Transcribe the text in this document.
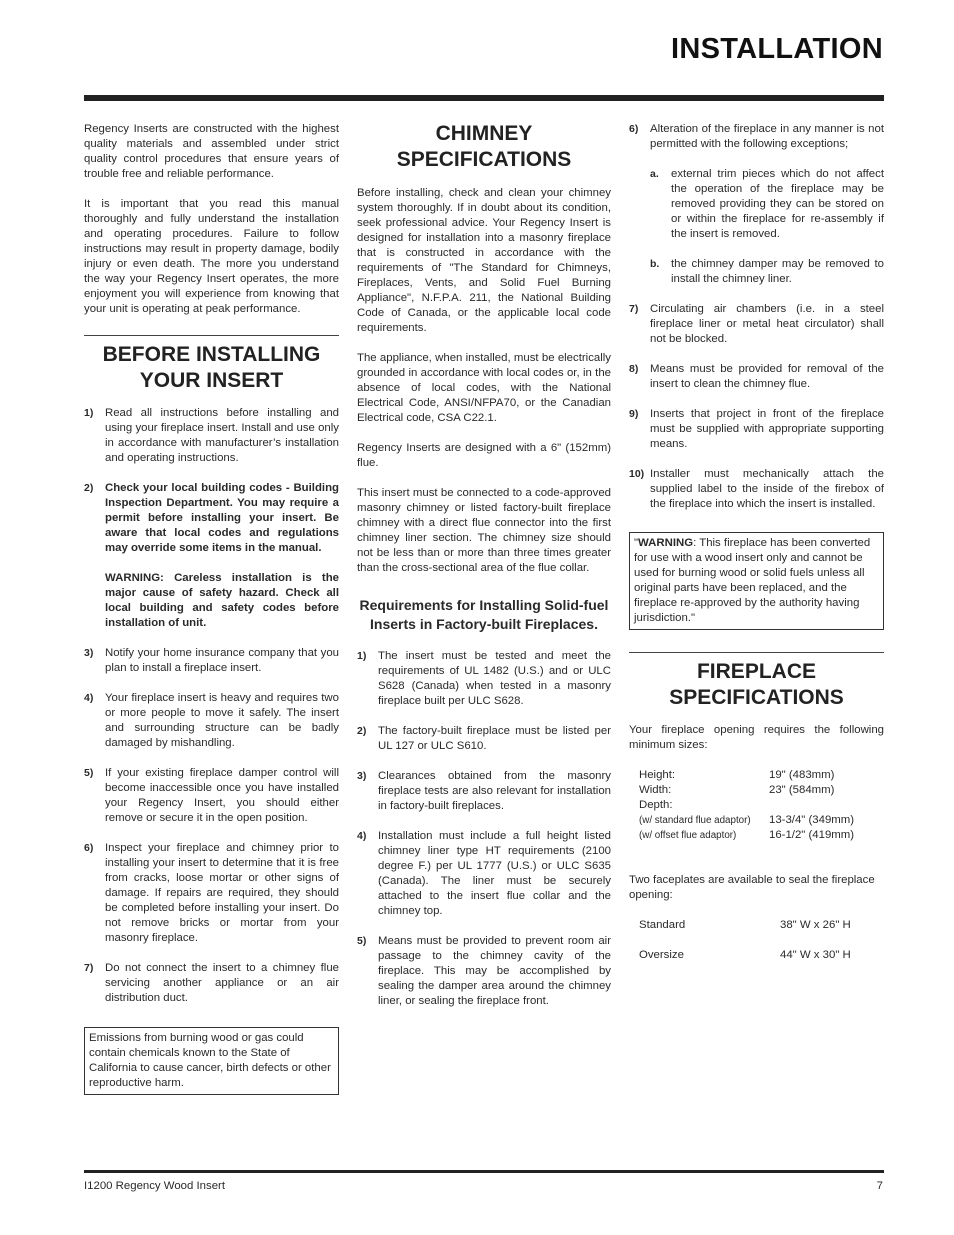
INSTALLATION

Regency Inserts are constructed with the highest quality materials and assembled under strict quality control procedures that ensure years of trouble free and reliable performance.

It is important that you read this manual thoroughly and fully understand the installation and operating procedures. Failure to follow instructions may result in property damage, bodily injury or even death. The more you understand the way your Regency Insert operates, the more enjoyment you will experience from knowing that your unit is operating at peak performance.

BEFORE INSTALLING YOUR INSERT
1) Read all instructions before installing and using your fireplace insert. Install and use only in accordance with manufacturer’s installation and operating instructions.
2) Check your local building codes - Building Inspection Department. You may require a permit before installing your insert. Be aware that local codes and regulations may override some items in the manual.
WARNING: Careless installation is the major cause of safety hazard. Check all local building and safety codes before installation of unit.
3) Notify your home insurance company that you plan to install a fireplace insert.
4) Your fireplace insert is heavy and requires two or more people to move it safely. The insert and surrounding structure can be badly damaged by mishandling.
5) If your existing fireplace damper control will become inaccessible once you have installed your Regency Insert, you should either remove or secure it in the open position.
6) Inspect your fireplace and chimney prior to installing your insert to determine that it is free from cracks, loose mortar or other signs of damage. If repairs are required, they should be completed before installing your insert. Do not remove bricks or mortar from your masonry fireplace.
7) Do not connect the insert to a chimney flue servicing another appliance or an air distribution duct.
Emissions from burning wood or gas could contain chemicals known to the State of California to cause cancer, birth defects or other reproductive harm.
CHIMNEY SPECIFICATIONS

Before installing, check and clean your chimney system thoroughly. If in doubt about its condition, seek professional advice. Your Regency Insert is designed for installation into a masonry fireplace that is constructed in accordance with the requirements of "The Standard for Chimneys, Fireplaces, Vents, and Solid Fuel Burning Appliance", N.F.P.A. 211, the National Building Code of Canada, or the applicable local code requirements.

The appliance, when installed, must be electrically grounded in accordance with local codes or, in the absence of local codes, with the National Electrical Code, ANSI/NFPA70, or the Canadian Electrical code, CSA C22.1.

Regency Inserts are designed with a 6" (152mm) flue.

This insert must be connected to a code-approved masonry chimney or listed factory-built fireplace chimney with a direct flue connector into the first chimney liner section. The chimney size should not be less than or more than three times greater than the cross-sectional area of the flue collar.

Requirements for Installing Solid-fuel Inserts in Factory-built Fireplaces.
1) The insert must be tested and meet the requirements of UL 1482 (U.S.) and or ULC S628 (Canada) when tested in a masonry fireplace built per ULC S628.
2) The factory-built fireplace must be listed per UL 127 or ULC S610.
3) Clearances obtained from the masonry fireplace tests are also relevant for installation in factory-built fireplaces.
4) Installation must include a full height listed chimney liner type HT requirements (2100 degree F.) per UL 1777 (U.S.) or ULC S635 (Canada). The liner must be securely attached to the insert flue collar and the chimney top.
5) Means must be provided to prevent room air passage to the chimney cavity of the fireplace. This may be accomplished by sealing the damper area around the chimney liner, or sealing the fireplace front.
6) Alteration of the fireplace in any manner is not permitted with the following exceptions;
a. external trim pieces which do not affect the operation of the fireplace may be removed providing they can be stored on or within the fireplace for re-assembly if the insert is removed.
b. the chimney damper may be removed to install the chimney liner.
7) Circulating air chambers (i.e. in a steel fireplace liner or metal heat circulator) shall not be blocked.
8) Means must be provided for removal of the insert to clean the chimney flue.
9) Inserts that project in front of the fireplace must be supplied with appropriate supporting means.
10) Installer must mechanically attach the supplied label to the inside of the firebox of the fireplace into which the insert is installed.
"WARNING: This fireplace has been converted for use with a wood insert only and cannot be used for burning wood or solid fuels unless all original parts have been replaced, and the fireplace re-approved by the authority having jurisdiction."
FIREPLACE SPECIFICATIONS

Your fireplace opening requires the following minimum sizes:

Height:	19" (483mm)
Width:	23" (584mm)
Depth:	
(w/ standard flue adaptor)	13-3/4" (349mm)
(w/ offset flue adaptor)	16-1/2" (419mm)

Two faceplates are available to seal the fireplace opening:

Standard	38" W x 26" H
Oversize	44" W x 30" H
I1200 Regency Wood Insert	7
